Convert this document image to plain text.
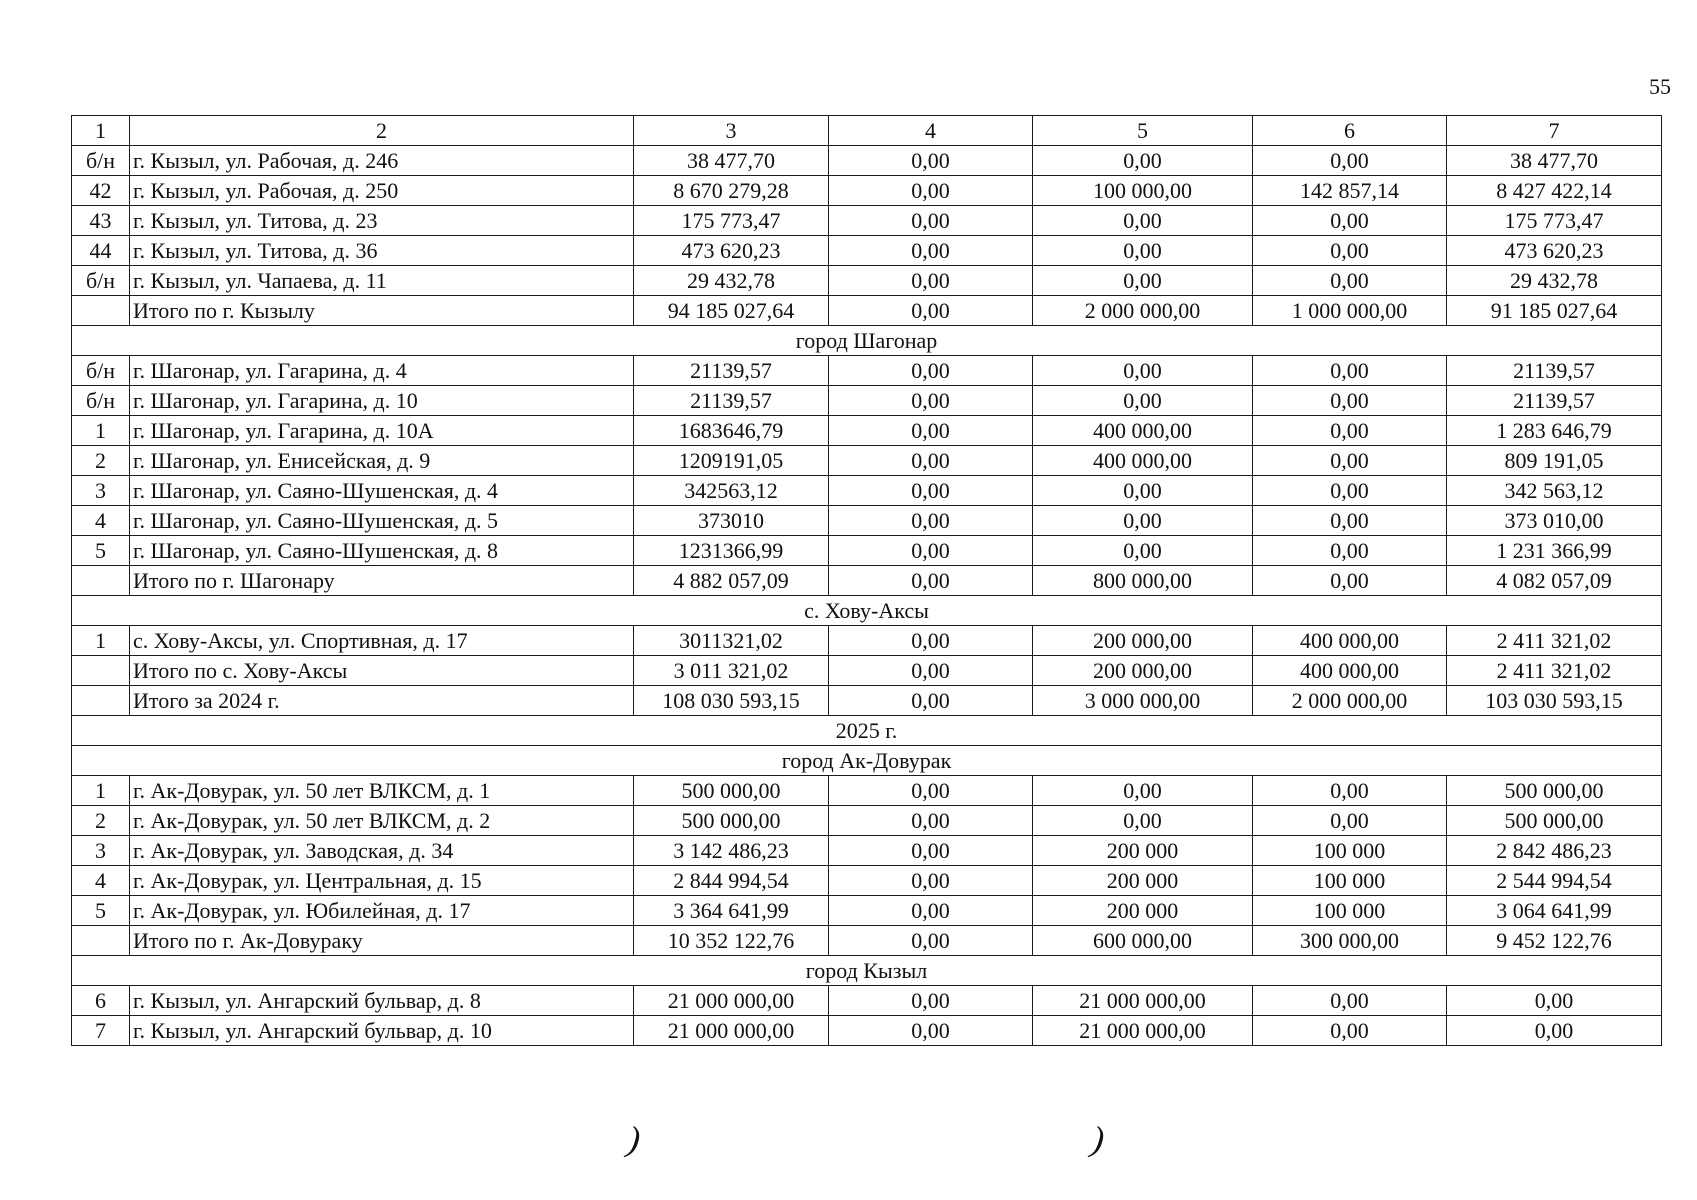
55
1	2	3	4	5	6	7
б/н	г. Кызыл, ул. Рабочая, д. 246	38 477,70	0,00	0,00	0,00	38 477,70
42	г. Кызыл, ул. Рабочая, д. 250	8 670 279,28	0,00	100 000,00	142 857,14	8 427 422,14
43	г. Кызыл, ул. Титова, д. 23	175 773,47	0,00	0,00	0,00	175 773,47
44	г. Кызыл, ул. Титова, д. 36	473 620,23	0,00	0,00	0,00	473 620,23
б/н	г. Кызыл, ул. Чапаева, д. 11	29 432,78	0,00	0,00	0,00	29 432,78
	Итого по г. Кызылу	94 185 027,64	0,00	2 000 000,00	1 000 000,00	91 185 027,64
город Шагонар						
б/н	г. Шагонар, ул. Гагарина, д. 4	21139,57	0,00	0,00	0,00	21139,57
б/н	г. Шагонар, ул. Гагарина, д. 10	21139,57	0,00	0,00	0,00	21139,57
1	г. Шагонар, ул. Гагарина, д. 10А	1683646,79	0,00	400 000,00	0,00	1 283 646,79
2	г. Шагонар, ул. Енисейская, д. 9	1209191,05	0,00	400 000,00	0,00	809 191,05
3	г. Шагонар, ул. Саяно-Шушенская, д. 4	342563,12	0,00	0,00	0,00	342 563,12
4	г. Шагонар, ул. Саяно-Шушенская, д. 5	373010	0,00	0,00	0,00	373 010,00
5	г. Шагонар, ул. Саяно-Шушенская, д. 8	1231366,99	0,00	0,00	0,00	1 231 366,99
	Итого по г. Шагонару	4 882 057,09	0,00	800 000,00	0,00	4 082 057,09
с. Хову-Аксы						
1	с. Хову-Аксы, ул. Спортивная, д. 17	3011321,02	0,00	200 000,00	400 000,00	2 411 321,02
	Итого по с. Хову-Аксы	3 011 321,02	0,00	200 000,00	400 000,00	2 411 321,02
	Итого за 2024 г.	108 030 593,15	0,00	3 000 000,00	2 000 000,00	103 030 593,15
2025 г.						
город Ак-Довурак						
1	г. Ак-Довурак, ул. 50 лет ВЛКСМ, д. 1	500 000,00	0,00	0,00	0,00	500 000,00
2	г. Ак-Довурак, ул. 50 лет ВЛКСМ, д. 2	500 000,00	0,00	0,00	0,00	500 000,00
3	г. Ак-Довурак, ул. Заводская, д. 34	3 142 486,23	0,00	200 000	100 000	2 842 486,23
4	г. Ак-Довурак, ул. Центральная, д. 15	2 844 994,54	0,00	200 000	100 000	2 544 994,54
5	г. Ак-Довурак, ул. Юбилейная, д. 17	3 364 641,99	0,00	200 000	100 000	3 064 641,99
	Итого по г. Ак-Довураку	10 352 122,76	0,00	600 000,00	300 000,00	9 452 122,76
город Кызыл						
6	г. Кызыл, ул. Ангарский бульвар, д. 8	21 000 000,00	0,00	21 000 000,00	0,00	0,00
7	г. Кызыл, ул. Ангарский бульвар, д. 10	21 000 000,00	0,00	21 000 000,00	0,00	0,00
)	)
